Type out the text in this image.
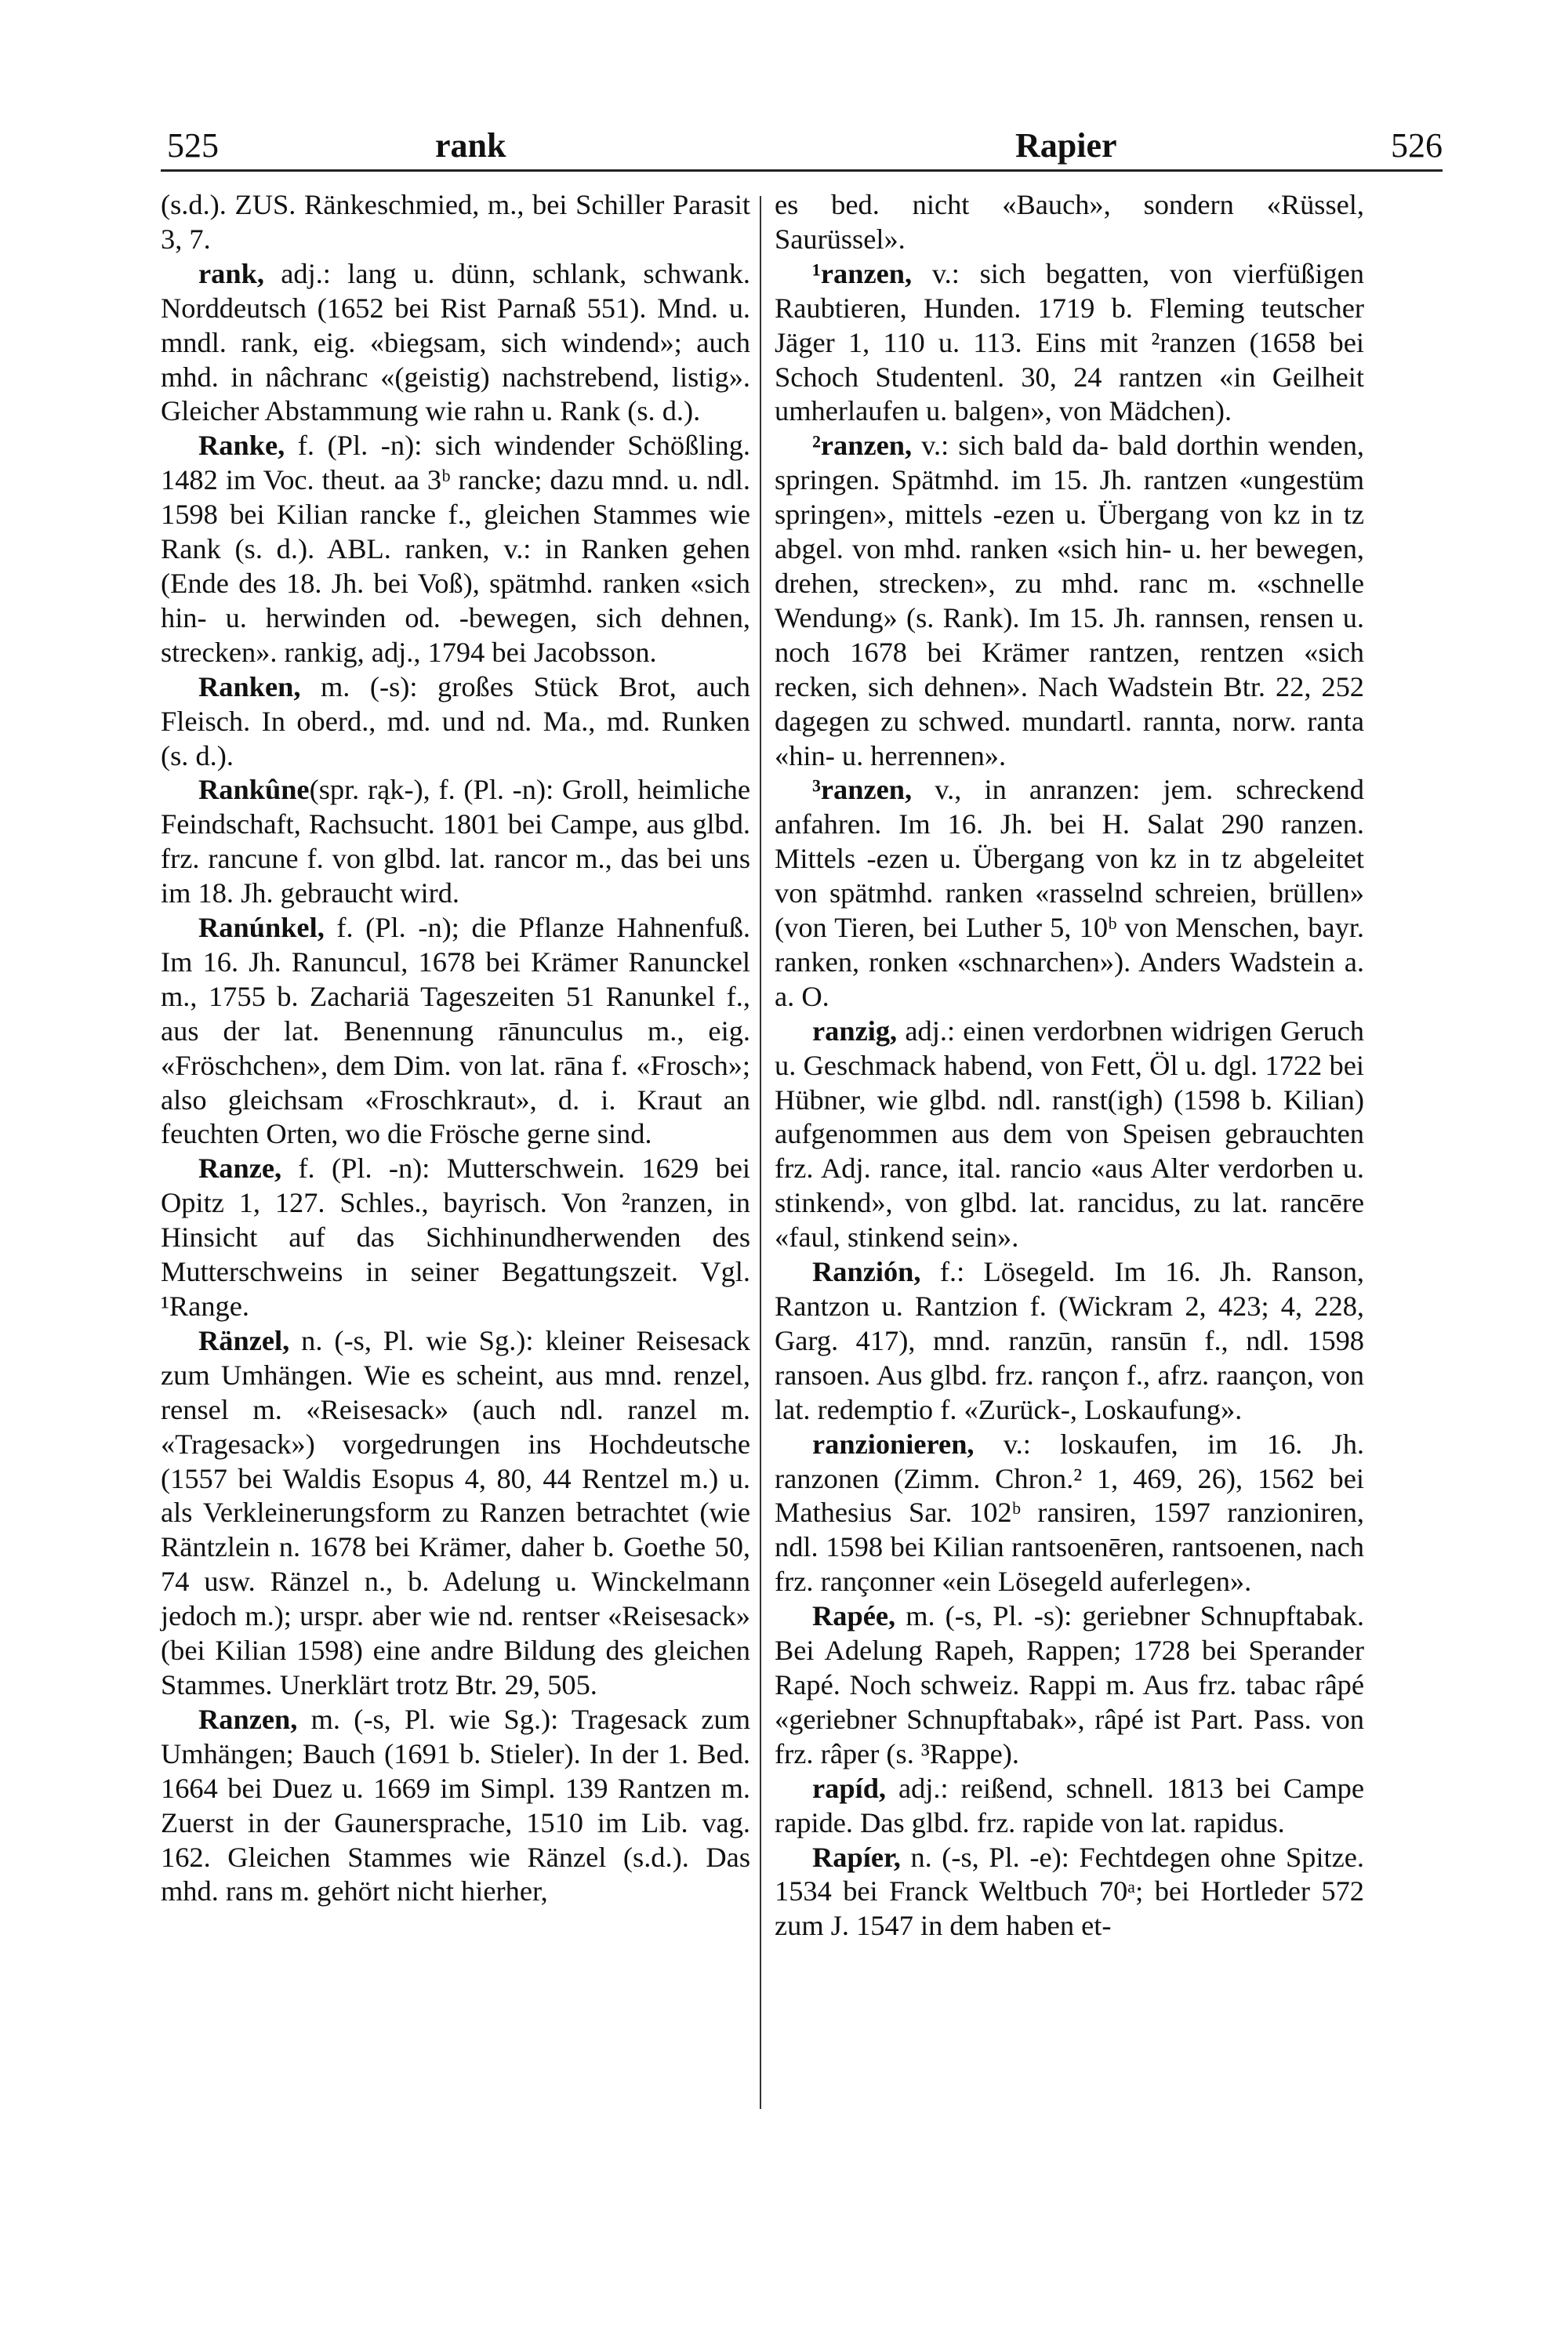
525	rank	Rapier	526

(s.d.). ZUS. Ränkeschmied, m., bei Schiller Parasit 3, 7.

rank, adj.: lang u. dünn, schlank, schwank. Norddeutsch (1652 bei Rist Parnaß 551). Mnd. u. mndl. rank, eig. «biegsam, sich windend»; auch mhd. in nâchranc «(geistig) nachstrebend, listig». Gleicher Abstammung wie rahn u. Rank (s. d.).

Ranke, f. (Pl. -n): sich windender Schößling. 1482 im Voc. theut. aa 3ᵇ rancke; dazu mnd. u. ndl. 1598 bei Kilian rancke f., gleichen Stammes wie Rank (s. d.). ABL. ranken, v.: in Ranken gehen (Ende des 18. Jh. bei Voß), spätmhd. ranken «sich hin- u. herwinden od. -bewegen, sich dehnen, strecken». rankig, adj., 1794 bei Jacobsson.

Ranken, m. (-s): großes Stück Brot, auch Fleisch. In oberd., md. und nd. Ma., md. Runken (s. d.).

Rankûne(spr. rąk-), f. (Pl. -n): Groll, heimliche Feindschaft, Rachsucht. 1801 bei Campe, aus glbd. frz. rancune f. von glbd. lat. rancor m., das bei uns im 18. Jh. gebraucht wird.

Ranúnkel, f. (Pl. -n); die Pflanze Hahnenfuß. Im 16. Jh. Ranuncul, 1678 bei Krämer Ranunckel m., 1755 b. Zachariä Tageszeiten 51 Ranunkel f., aus der lat. Benennung rānunculus m., eig. «Fröschchen», dem Dim. von lat. rāna f. «Frosch»; also gleichsam «Froschkraut», d. i. Kraut an feuchten Orten, wo die Frösche gerne sind.

Ranze, f. (Pl. -n): Mutterschwein. 1629 bei Opitz 1, 127. Schles., bayrisch. Von ²ranzen, in Hinsicht auf das Sichhinundherwenden des Mutterschweins in seiner Begattungszeit. Vgl. ¹Range.

Ränzel, n. (-s, Pl. wie Sg.): kleiner Reisesack zum Umhängen. Wie es scheint, aus mnd. renzel, rensel m. «Reisesack» (auch ndl. ranzel m. «Tragesack») vorgedrungen ins Hochdeutsche (1557 bei Waldis Esopus 4, 80, 44 Rentzel m.) u. als Verkleinerungsform zu Ranzen betrachtet (wie Räntzlein n. 1678 bei Krämer, daher b. Goethe 50, 74 usw. Ränzel n., b. Adelung u. Winckelmann jedoch m.); urspr. aber wie nd. rentser «Reisesack» (bei Kilian 1598) eine andre Bildung des gleichen Stammes. Unerklärt trotz Btr. 29, 505.

Ranzen, m. (-s, Pl. wie Sg.): Tragesack zum Umhängen; Bauch (1691 b. Stieler). In der 1. Bed. 1664 bei Duez u. 1669 im Simpl. 139 Rantzen m. Zuerst in der Gaunersprache, 1510 im Lib. vag. 162. Gleichen Stammes wie Ränzel (s.d.). Das mhd. rans m. gehört nicht hierher,

es bed. nicht «Bauch», sondern «Rüssel, Saurüssel».

¹ranzen, v.: sich begatten, von vierfüßigen Raubtieren, Hunden. 1719 b. Fleming teutscher Jäger 1, 110 u. 113. Eins mit ²ranzen (1658 bei Schoch Studentenl. 30, 24 rantzen «in Geilheit umherlaufen u. balgen», von Mädchen).

²ranzen, v.: sich bald da- bald dorthin wenden, springen. Spätmhd. im 15. Jh. rantzen «ungestüm springen», mittels -ezen u. Übergang von kz in tz abgel. von mhd. ranken «sich hin- u. her bewegen, drehen, strecken», zu mhd. ranc m. «schnelle Wendung» (s. Rank). Im 15. Jh. rannsen, rensen u. noch 1678 bei Krämer rantzen, rentzen «sich recken, sich dehnen». Nach Wadstein Btr. 22, 252 dagegen zu schwed. mundartl. rannta, norw. ranta «hin- u. herrennen».

³ranzen, v., in anranzen: jem. schreckend anfahren. Im 16. Jh. bei H. Salat 290 ranzen. Mittels -ezen u. Übergang von kz in tz abgeleitet von spätmhd. ranken «rasselnd schreien, brüllen» (von Tieren, bei Luther 5, 10ᵇ von Menschen, bayr. ranken, ronken «schnarchen»). Anders Wadstein a. a. O.

ranzig, adj.: einen verdorbnen widrigen Geruch u. Geschmack habend, von Fett, Öl u. dgl. 1722 bei Hübner, wie glbd. ndl. ranst(igh) (1598 b. Kilian) aufgenommen aus dem von Speisen gebrauchten frz. Adj. rance, ital. rancio «aus Alter verdorben u. stinkend», von glbd. lat. rancidus, zu lat. rancēre «faul, stinkend sein».

Ranzión, f.: Lösegeld. Im 16. Jh. Ranson, Rantzon u. Rantzion f. (Wickram 2, 423; 4, 228, Garg. 417), mnd. ranzūn, ransūn f., ndl. 1598 ransoen. Aus glbd. frz. rançon f., afrz. raançon, von lat. redemptio f. «Zurück-, Loskaufung».

ranzionieren, v.: loskaufen, im 16. Jh. ranzonen (Zimm. Chron.² 1, 469, 26), 1562 bei Mathesius Sar. 102ᵇ ransiren, 1597 ranzioniren, ndl. 1598 bei Kilian rantsoenēren, rantsoenen, nach frz. rançonner «ein Lösegeld auferlegen».

Rapée, m. (-s, Pl. -s): geriebner Schnupftabak. Bei Adelung Rapeh, Rappen; 1728 bei Sperander Rapé. Noch schweiz. Rappi m. Aus frz. tabac râpé «geriebner Schnupftabak», râpé ist Part. Pass. von frz. râper (s. ³Rappe).

rapíd, adj.: reißend, schnell. 1813 bei Campe rapide. Das glbd. frz. rapide von lat. rapidus.

Rapíer, n. (-s, Pl. -e): Fechtdegen ohne Spitze. 1534 bei Franck Weltbuch 70ᵃ; bei Hortleder 572 zum J. 1547 in dem haben et-
